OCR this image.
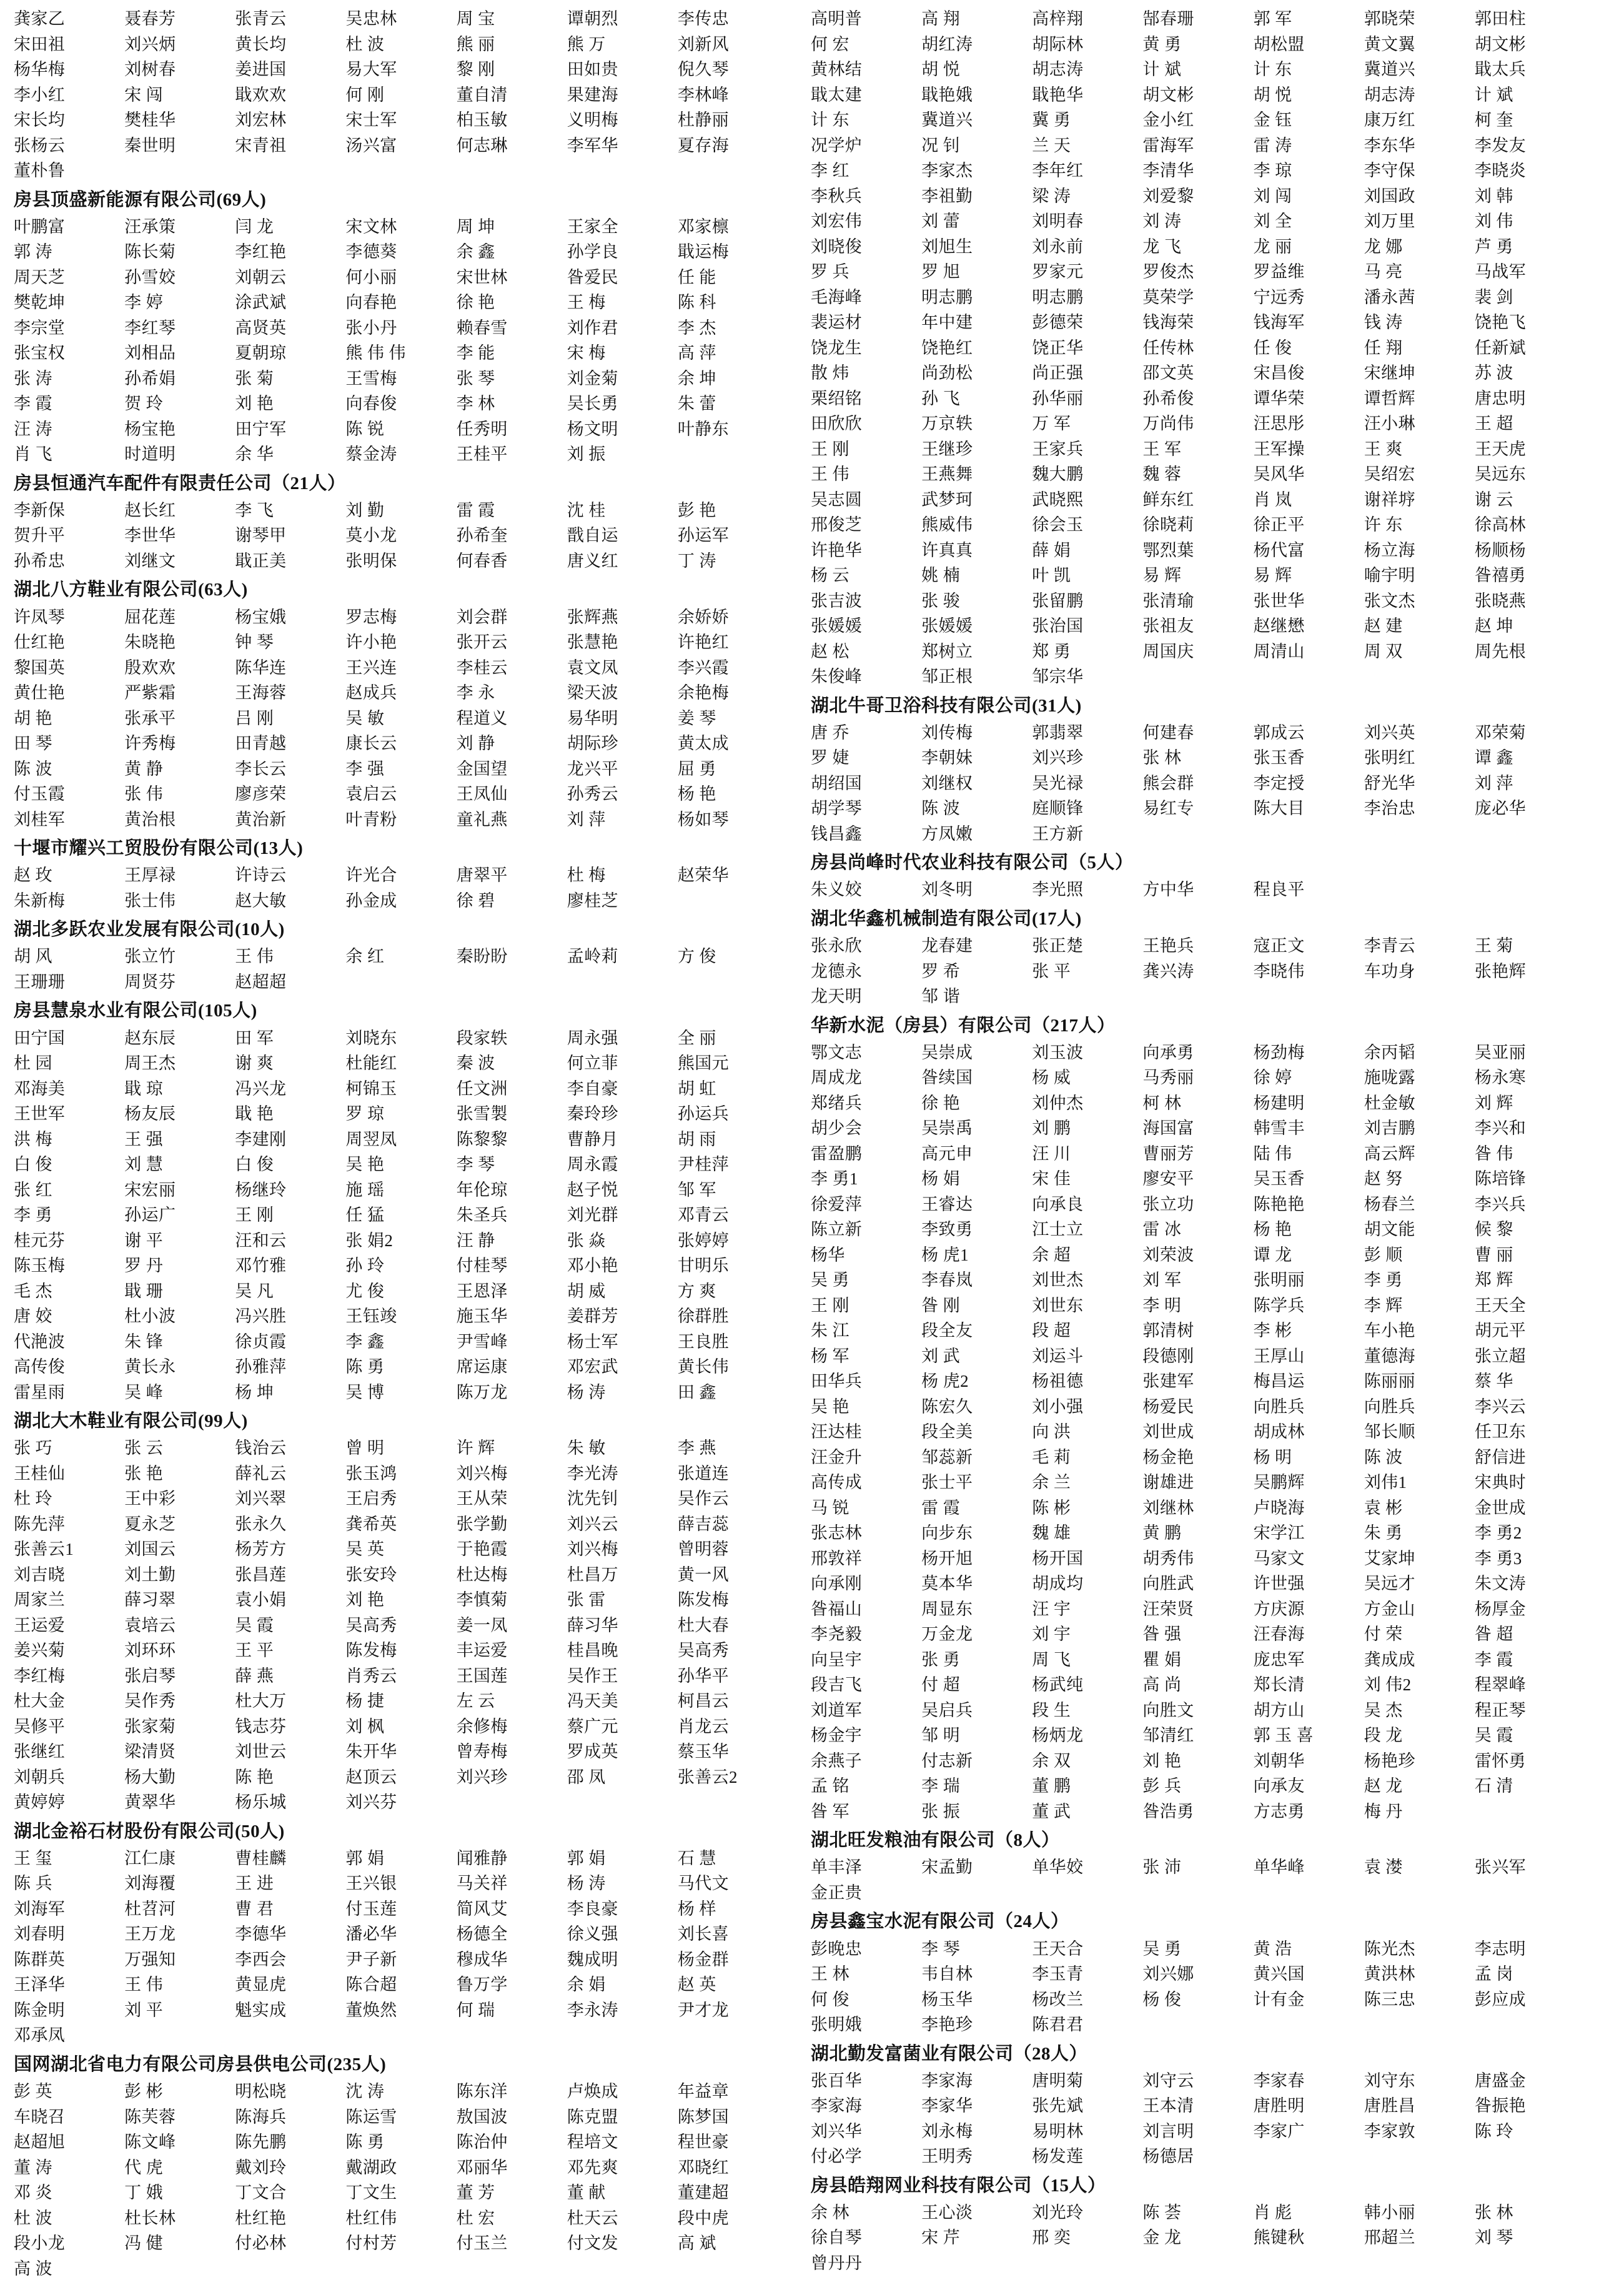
龚家乙	聂春芳	张青云	吴忠林	周 宝	谭朝烈	李传忠
宋田祖	刘兴炳	黄长均	杜 波	熊 丽	熊 万	刘新风
杨华梅	刘树春	姜进国	易大军	黎 刚	田如贵	倪久琴
李小红	宋 闯	戢欢欢	何 刚	董自清	果建海	李林峰
宋长均	樊桂华	刘宏林	宋士军	柏玉敏	义明梅	杜静丽
张杨云	秦世明	宋青祖	汤兴富	何志琳	李军华	夏存海
董朴鲁
房县顶盛新能源有限公司(69人)
叶鹏富	汪承策	闫 龙	宋文林	周 坤	王家全	邓家檩
郭 涛	陈长菊	李红艳	李德葵	余 鑫	孙学良	戢运梅
周天芝	孙雪姣	刘朝云	何小丽	宋世林	昝爱民	任 能
樊乾坤	李 婷	涂武斌	向春艳	徐 艳	王 梅	陈 科
李宗堂	李红琴	高贤英	张小丹	赖春雪	刘作君	李 杰
张宝权	刘相品	夏朝琼	熊 伟 伟	李 能	宋 梅	高 萍
张 涛	孙希娟	张 菊	王雪梅	张 琴	刘金菊	余 坤
李 霞	贺 玲	刘 艳	向春俊	李 林	吴长勇	朱 蕾
汪 涛	杨宝艳	田宁军	陈 锐	任秀明	杨文明	叶静东
肖 飞	时道明	余 华	蔡金涛	王桂平	刘 振
房县恒通汽车配件有限责任公司（21人）
李新保	赵长红	李 飞	刘 勤	雷 霞	沈 桂	彭 艳
贺升平	李世华	谢琴甲	莫小龙	孙希奎	戬自运	孙运军
孙希忠	刘继文	戢正美	张明保	何春香	唐义红	丁 涛
湖北八方鞋业有限公司(63人)
许凤琴	屈花莲	杨宝娥	罗志梅	刘会群	张辉燕	余娇娇
仕红艳	朱晓艳	钟 琴	许小艳	张开云	张慧艳	许艳红
黎国英	殷欢欢	陈华连	王兴连	李桂云	袁文凤	李兴霞
黄仕艳	严紫霜	王海蓉	赵成兵	李 永	梁天波	余艳梅
胡 艳	张承平	吕 刚	吴 敏	程道义	易华明	姜 琴
田 琴	许秀梅	田青越	康长云	刘 静	胡际珍	黄太成
陈 波	黄 静	李长云	李 强	金国望	龙兴平	屈 勇
付玉霞	张 伟	廖彦荣	袁启云	王凤仙	孙秀云	杨 艳
刘桂军	黄治根	黄治新	叶青粉	童礼燕	刘 萍	杨如琴
十堰市耀兴工贸股份有限公司(13人)
赵 玫	王厚禄	许诗云	许光合	唐翠平	杜 梅	赵荣华
朱新梅	张士伟	赵大敏	孙金成	徐 碧	廖桂芝
湖北多跃农业发展有限公司(10人)
胡 风	张立竹	王 伟	余 红	秦盼盼	孟岭莉	方 俊
王珊珊	周贤芬	赵超超
房县慧泉水业有限公司(105人)
田宁国	赵东辰	田 军	刘晓东	段家轶	周永强	全 丽
杜 园	周王杰	谢 爽	杜能红	秦 波	何立菲	熊国元
邓海美	戢 琼	冯兴龙	柯锦玉	任文洲	李自豪	胡 虹
王世军	杨友辰	戢 艳	罗 琼	张雪製	秦玲珍	孙运兵
洪 梅	王 强	李建刚	周翌凤	陈黎黎	曹静月	胡 雨
白 俊	刘 慧	白 俊	吴 艳	李 琴	周永霞	尹桂萍
张 红	宋宏丽	杨继玲	施 瑶	年伦琼	赵子悦	邹 军
李 勇	孙运广	王 刚	任 猛	朱圣兵	刘光群	邓青云
桂元芬	谢 平	汪和云	张 娟2	汪 静	张 焱	张婷婷
陈玉梅	罗 丹	邓竹雅	孙 玲	付桂琴	邓小艳	甘明乐
毛 杰	戢 珊	吴 凡	尤 俊	王恩泽	胡 威	方 爽
唐 姣	杜小波	冯兴胜	王钰竣	施玉华	姜群芳	徐群胜
代滟波	朱 锋	徐贞霞	李 鑫	尹雪峰	杨士军	王良胜
高传俊	黄长永	孙雅萍	陈 勇	席运康	邓宏武	黄长伟
雷星雨	吴 峰	杨 坤	吴 博	陈万龙	杨 涛	田 鑫
湖北大木鞋业有限公司(99人)
张 巧	张 云	钱治云	曾 明	许 辉	朱 敏	李 燕
王桂仙	张 艳	薛礼云	张玉鸿	刘兴梅	李光涛	张道连
杜 玲	王中彩	刘兴翠	王启秀	王从荣	沈先钊	吴作云
陈先萍	夏永芝	张永久	龚希英	张学勤	刘兴云	薛吉蕊
张善云1	刘国云	杨芳方	吴 英	于艳霞	刘兴梅	曾明蓉
刘吉晓	刘土勤	张昌莲	张安玲	杜达梅	杜昌万	黄一风
周家兰	薛习翠	袁小娟	刘 艳	李慎菊	张 雷	陈发梅
王运爱	袁培云	吴 霞	吴高秀	姜一凤	薛习华	杜大春
姜兴菊	刘环环	王 平	陈发梅	丰运爱	桂昌晚	吴高秀
李红梅	张启琴	薛 燕	肖秀云	王国莲	吴作王	孙华平
杜大金	吴作秀	杜大万	杨 捷	左 云	冯天美	柯昌云
吴修平	张家菊	钱志芬	刘 枫	余修梅	蔡广元	肖龙云
张继红	梁清贤	刘世云	朱开华	曾寿梅	罗成英	蔡玉华
刘朝兵	杨大勤	陈 艳	赵顶云	刘兴珍	邵 凤	张善云2
黄婷婷	黄翠华	杨乐城	刘兴芬
湖北金裕石材股份有限公司(50人)
王 玺	江仁康	曹桂麟	郭 娟	闻雅静	郭 娟	石 慧
陈 兵	刘海覆	王 进	王兴银	马关祥	杨 涛	马代文
刘海军	杜苕河	曹 君	付玉莲	简风艾	李良豪	杨 样
刘春明	王万龙	李德华	潘必华	杨德全	徐义强	刘长喜
陈群英	万强知	李西会	尹子新	穆成华	魏成明	杨金群
王泽华	王 伟	黄显虎	陈合超	鲁万学	余 娟	赵 英
陈金明	刘 平	魁实成	董焕然	何 瑞	李永涛	尹才龙
邓承凤
国网湖北省电力有限公司房县供电公司(235人)
彭 英	彭 彬	明松晓	沈 涛	陈东洋	卢焕成	年益章
车晓召	陈芙蓉	陈海兵	陈运雪	敖国波	陈克盟	陈梦国
赵超旭	陈文峰	陈先鹏	陈 勇	陈治仲	程培文	程世豪
董 涛	代 虎	戴刘玲	戴湖政	邓丽华	邓先爽	邓晓红
邓 炎	丁 娥	丁文合	丁文生	董 芳	董 献	董建超
杜 波	杜长林	杜红艳	杜红伟	杜 宏	杜天云	段中虎
段小龙	冯 健	付必林	付村芳	付玉兰	付文发	高 斌
高 波
高明普	高 翔	高梓翔	郜春珊	郭 军	郭晓荣	郭田柱
何 宏	胡红涛	胡际林	黄 勇	胡松盟	黄文翼	胡文彬
黄林结	胡 悦	胡志涛	计 斌	计 东	冀道兴	戢太兵
戢太建	戢艳娥	戢艳华	胡文彬	胡 悦	胡志涛	计 斌
计 东	冀道兴	冀 勇	金小红	金 钰	康万红	柯 奎
况学炉	况 钊	兰 天	雷海军	雷 涛	李东华	李发友
李 红	李家杰	李年红	李清华	李 琼	李守保	李晓炎
李秋兵	李祖勤	梁 涛	刘爱黎	刘 闯	刘国政	刘 韩
刘宏伟	刘 蕾	刘明春	刘 涛	刘 全	刘万里	刘 伟
刘晓俊	刘旭生	刘永前	龙 飞	龙 丽	龙 娜	芦 勇
罗 兵	罗 旭	罗家元	罗俊杰	罗益维	马 亮	马战军
毛海峰	明志鹏	明志鹏	莫荣学	宁远秀	潘永茜	裴 剑
裴运材	年中建	彭德荣	钱海荣	钱海军	钱 涛	饶艳飞
饶龙生	饶艳红	饶正华	任传林	任 俊	任 翔	任新斌
散 炜	尚劲松	尚正强	邵文英	宋昌俊	宋继坤	苏 波
栗绍铭	孙 飞	孙华丽	孙希俊	谭华荣	谭哲辉	唐忠明
田欣欣	万京轶	万 军	万尚伟	汪思彤	汪小琳	王 超
王 刚	王继珍	王家兵	王 军	王军操	王 爽	王天虎
王 伟	王燕舞	魏大鹏	魏 蓉	吴风华	吴绍宏	吴远东
吴志圆	武梦珂	武晓熙	鲜东红	肖 岚	谢祥垿	谢 云
邢俊芝	熊威伟	徐会玉	徐晓莉	徐正平	许 东	徐高林
许艳华	许真真	薛 娟	鄂烈葉	杨代富	杨立海	杨顺杨
杨 云	姚 楠	叶 凯	易 辉	易 辉	喻宇明	昝禧勇
张吉波	张 骏	张留鹏	张清瑜	张世华	张文杰	张晓燕
张媛媛	张媛媛	张治国	张祖友	赵继懋	赵 建	赵 坤
赵 松	郑树立	郑 勇	周国庆	周清山	周 双	周先根
朱俊峰	邹正根	邹宗华
湖北牛哥卫浴科技有限公司(31人)
唐 乔	刘传梅	郭翡翠	何建春	郭成云	刘兴英	邓荣菊
罗 婕	李朝妹	刘兴珍	张 林	张玉香	张明红	谭 鑫
胡绍国	刘继权	吴光禄	熊会群	李定授	舒光华	刘 萍
胡学琴	陈 波	庭顺锋	易红专	陈大目	李治忠	庞必华
钱昌鑫	方凤嫩	王方新
房县尚峰时代农业科技有限公司（5人）
朱义姣	刘冬明	李光照	方中华	程良平
湖北华鑫机械制造有限公司(17人)
张永欣	龙春建	张正楚	王艳兵	寇正文	李青云	王 菊
龙德永	罗 希	张 平	龚兴涛	李晓伟	车功身	张艳辉
龙天明	邹 谐
华新水泥（房县）有限公司（217人）
鄂文志	吴崇成	刘玉波	向承勇	杨劲梅	余丙韬	吴亚丽
周成龙	昝续国	杨 威	马秀丽	徐 婷	施咙露	杨永寒
郑绪兵	徐 艳	刘仲杰	柯 林	杨建明	杜金敏	刘 辉
胡少会	吴崇禹	刘 鹏	海国富	韩雪丰	刘吉鹏	李兴和
雷盈鹏	高元申	汪 川	曹丽芳	陆 伟	高云辉	昝 伟
李 勇1	杨 娟	宋 佳	廖安平	吴玉香	赵 努	陈培锋
徐爱萍	王睿达	向承良	张立功	陈艳艳	杨春兰	李兴兵
陈立新	李致勇	江士立	雷 冰	杨 艳	胡文能	候 黎
杨华	杨 虎1	余 超	刘荣波	谭 龙	彭 顺	曹 丽
吴 勇	李春岚	刘世杰	刘 军	张明丽	李 勇	郑 辉
王 刚	昝 刚	刘世东	李 明	陈学兵	李 辉	王天全
朱 江	段全友	段 超	郭清树	李 彬	车小艳	胡元平
杨 军	刘 武	刘运斗	段德刚	王厚山	董德海	张立超
田华兵	杨 虎2	杨祖德	张建军	梅昌运	陈丽丽	蔡 华
吴 艳	陈宏久	刘小强	杨爱民	向胜兵	向胜兵	李兴云
汪达桂	段全美	向 洪	刘世成	胡成林	邹长顺	任卫东
汪金升	邹蕊新	毛 莉	杨金艳	杨 明	陈 波	舒信进
高传成	张士平	余 兰	谢雄进	吴鹏辉	刘伟1	宋典时
马 锐	雷 霞	陈 彬	刘继林	卢晓海	袁 彬	金世成
张志林	向步东	魏 雄	黄 鹏	宋学江	朱 勇	李 勇2
邢敦祥	杨开旭	杨开国	胡秀伟	马家文	艾家坤	李 勇3
向承刚	莫本华	胡成均	向胜武	许世强	吴远才	朱文涛
昝福山	周显东	汪 宇	汪荣贤	方庆源	方金山	杨厚金
李尧毅	万金龙	刘 宇	昝 强	汪春海	付 荣	昝 超
向呈宇	张 勇	周 飞	瞿 娟	庞忠军	龚成成	李 霞
段吉飞	付 超	杨武纯	高 尚	郑长清	刘 伟2	程翠峰
刘道军	吴启兵	段 生	向胜文	胡方山	吴 杰	程正琴
杨金宇	邹 明	杨炳龙	邹清红	郭 玉 喜	段 龙	吴 霞
余燕子	付志新	余 双	刘 艳	刘朝华	杨艳珍	雷怀勇
孟 铭	李 瑞	董 鹏	彭 兵	向承友	赵 龙	石 清
昝 军	张 振	董 武	昝浩勇	方志勇	梅 丹
湖北旺发粮油有限公司（8人）
单丰泽	宋孟勤	单华姣	张 沛	单华峰	袁 漤	张兴军
金正贵
房县鑫宝水泥有限公司（24人）
彭晚忠	李 琴	王天合	吴 勇	黄 浩	陈光杰	李志明
王 林	韦自林	李玉青	刘兴娜	黄兴国	黄洪林	孟 岗
何 俊	杨玉华	杨改兰	杨 俊	计有金	陈三忠	彭应成
张明娥	李艳珍	陈君君
湖北勤发富菌业有限公司（28人）
张百华	李家海	唐明菊	刘守云	李家春	刘守东	唐盛金
李家海	李家华	张先斌	王本清	唐胜明	唐胜昌	昝振艳
刘兴华	刘永梅	易明林	刘言明	李家广	李家敦	陈 玲
付必学	王明秀	杨发莲	杨德居
房县皓翔网业科技有限公司（15人）
余 林	王心淡	刘光玲	陈 荟	肖 彪	韩小丽	张 林
徐自琴	宋 芹	邢 奕	金 龙	熊键秋	邢超兰	刘 琴
曾丹丹
